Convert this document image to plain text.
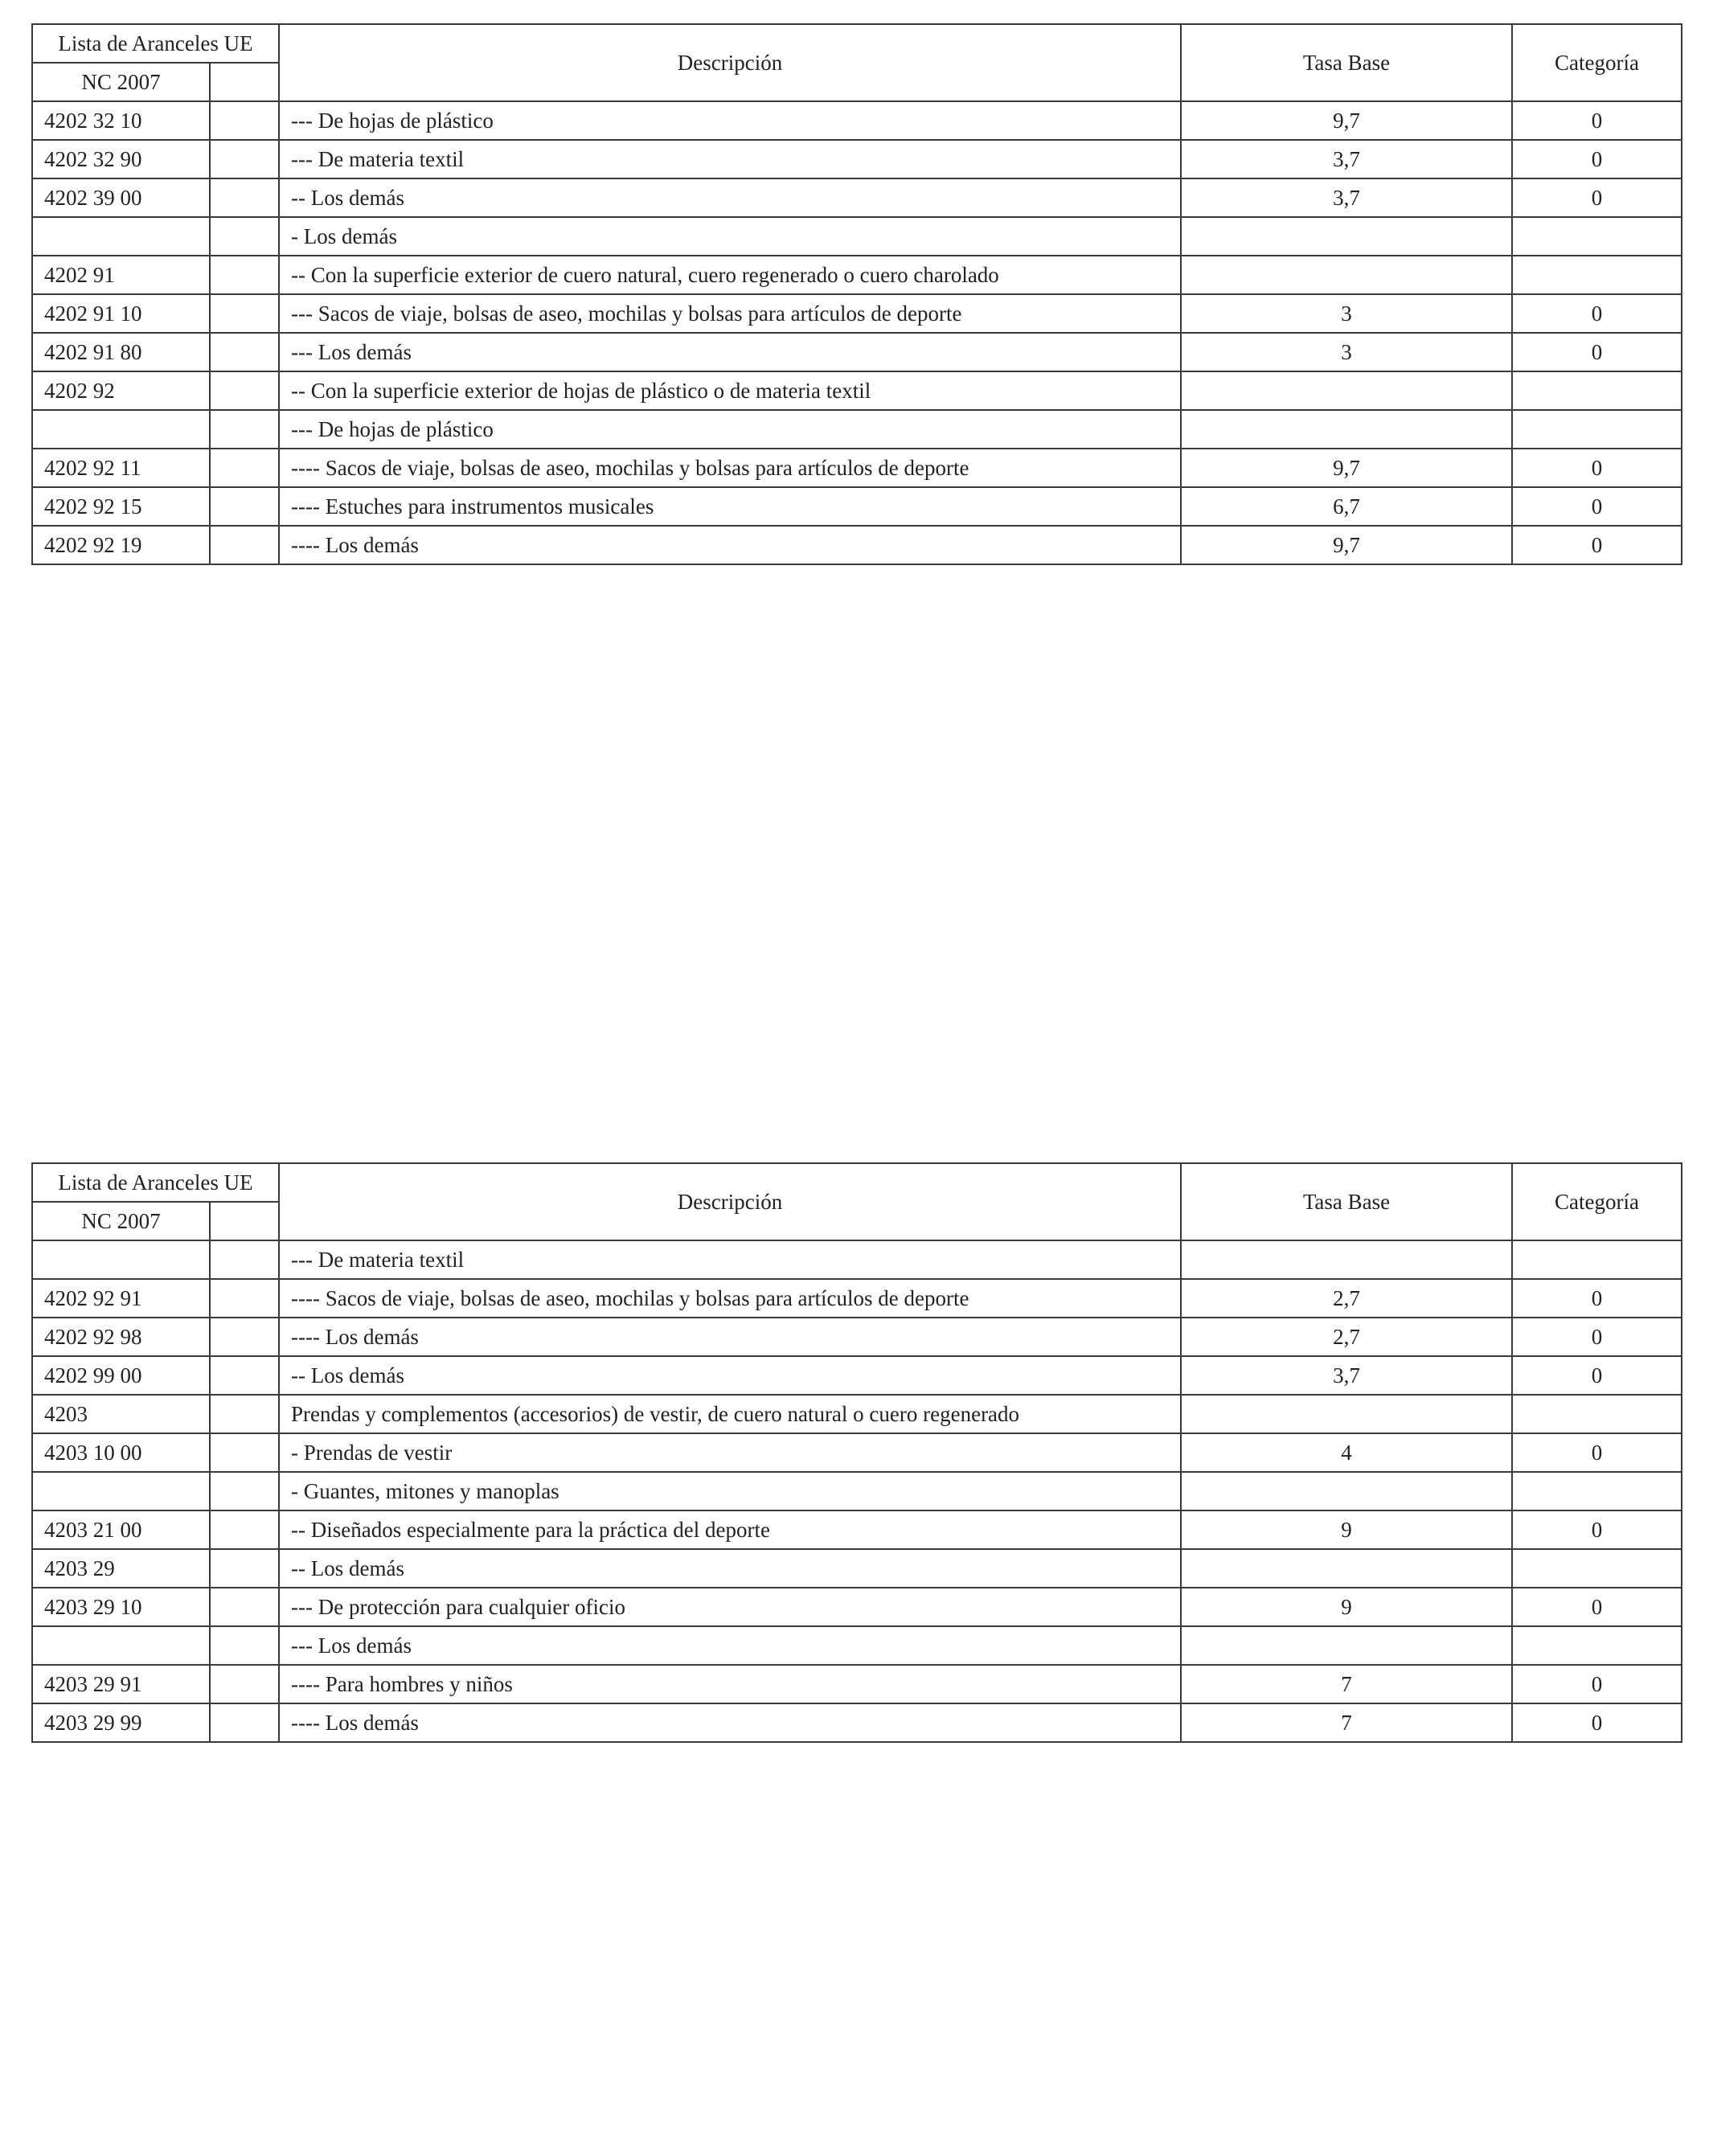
Lista de Aranceles UE		Descripción	Tasa Base	Categoría
NC 2007				
4202 32 10		--- De hojas de plástico	9,7	0
4202 32 90		--- De materia textil	3,7	0
4202 39 00		-- Los demás	3,7	0
		- Los demás		
4202 91		-- Con la superficie exterior de cuero natural, cuero regenerado o cuero charolado		
4202 91 10		--- Sacos de viaje, bolsas de aseo, mochilas y bolsas para artículos de deporte	3	0
4202 91 80		--- Los demás	3	0
4202 92		-- Con la superficie exterior de hojas de plástico o de materia textil		
		--- De hojas de plástico		
4202 92 11		---- Sacos de viaje, bolsas de aseo, mochilas y bolsas para artículos de deporte	9,7	0
4202 92 15		---- Estuches para instrumentos musicales	6,7	0
4202 92 19		---- Los demás	9,7	0
Lista de Aranceles UE		Descripción	Tasa Base	Categoría
NC 2007				
		--- De materia textil		
4202 92 91		---- Sacos de viaje, bolsas de aseo, mochilas y bolsas para artículos de deporte	2,7	0
4202 92 98		---- Los demás	2,7	0
4202 99 00		-- Los demás	3,7	0
4203		Prendas y complementos (accesorios) de vestir, de cuero natural o cuero regenerado		
4203 10 00		- Prendas de vestir	4	0
		- Guantes, mitones y manoplas		
4203 21 00		-- Diseñados especialmente para la práctica del deporte	9	0
4203 29		-- Los demás		
4203 29 10		--- De protección para cualquier oficio	9	0
		--- Los demás		
4203 29 91		---- Para hombres y niños	7	0
4203 29 99		---- Los demás	7	0
